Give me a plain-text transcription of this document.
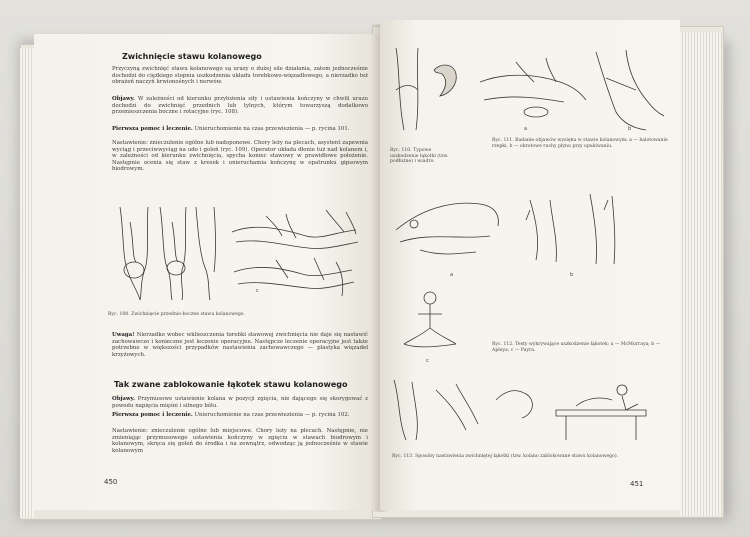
Zwichnięcie stawu kolanowego
Przyczyną zwichnięć stawu kolanowego są urazy o dużej sile działania, zatem jednocześnie dochodzi do ciężkiego stopnia uszkodzenia układu torebkowo-więzadłowego, a nierzadko też obrażeń naczyń krwionośnych i nerwów.
Objawy. W zależności od kierunku przyłożenia siły i ustawienia kończyny w chwili urazu dochodzi do zwichnięć przednich lub tylnych, którym towarzyszą dodatkowo przemieszczenia boczne i rotacyjne (ryc. 108).
Pierwsza pomoc i leczenie. Unieruchomienie na czas przewiezienia — p. rycina 101.
Nastawienie: znieczulenie ogólne lub nadoponowe. Chory leży na plecach, asystent zapewnia wyciąg i przeciwwyciąg na udo i goleń (ryc. 109). Operator układa dłonie tuż nad kolanem i, w zależności od kierunku zwichnięcia, spycha koniec stawowy w prawidłowe położenie. Następnie ocenia się staw z kresek i unieruchamia kończynę w opatrunku gipsowym biodrowym.
c
Ryc. 108. Zwichnięcie przednio-boczne stawu kolanowego.
Uwaga! Nierzadko wobec wklieszczenia torebki stawowej zwichnięcia nie daje się nastawić zachowawczo i konieczne jest leczenie operacyjne. Następcze leczenie operacyjne jest także potrzebne w większości przypadków nastawienia zachowawczego — plastyka więzadeł krzyżowych.
Tak zwane zablokowanie łąkotek stawu kolanowego
Objawy. Przymusowe ustawienie kolana w pozycji zgięcia, nie dającego się skorygować z powodu napięcia mięśni i silnego bólu.
Pierwsza pomoc i leczenie. Unieruchomienie na czas przewiezienia — p. rycina 102.
Nastawienie: znieczulenie ogólne lub miejscowe. Chory leży na plecach. Następnie, nie zmieniając przymusowego ustawienia kończyny w zgięciu w stawach biodrowym i kolanowym, skręca się goleń do środka i na zewnątrz, odwodząc ją jednocześnie w stawie kolanowym
450
Ryc. 110. Typowe uszkodzenie łąkotki (tzw. podłużne) i wiadro.
a	b
Ryc. 111. Badanie objawów wysięku w stawie kolanowym: a — balotowanie rzepki, b — obrotowe ruchy płynu przy opukiwaniu.
a	b
c
Ryc. 112. Testy wykrywające uszkodzenie łąkotek: a — McMurraya; b — Apleya; c — Payra.
Ryc. 113. Sposoby nastawienia zwichniętej łąkotki (tzw. kolano zablokowane stawu kolanowego).
451
